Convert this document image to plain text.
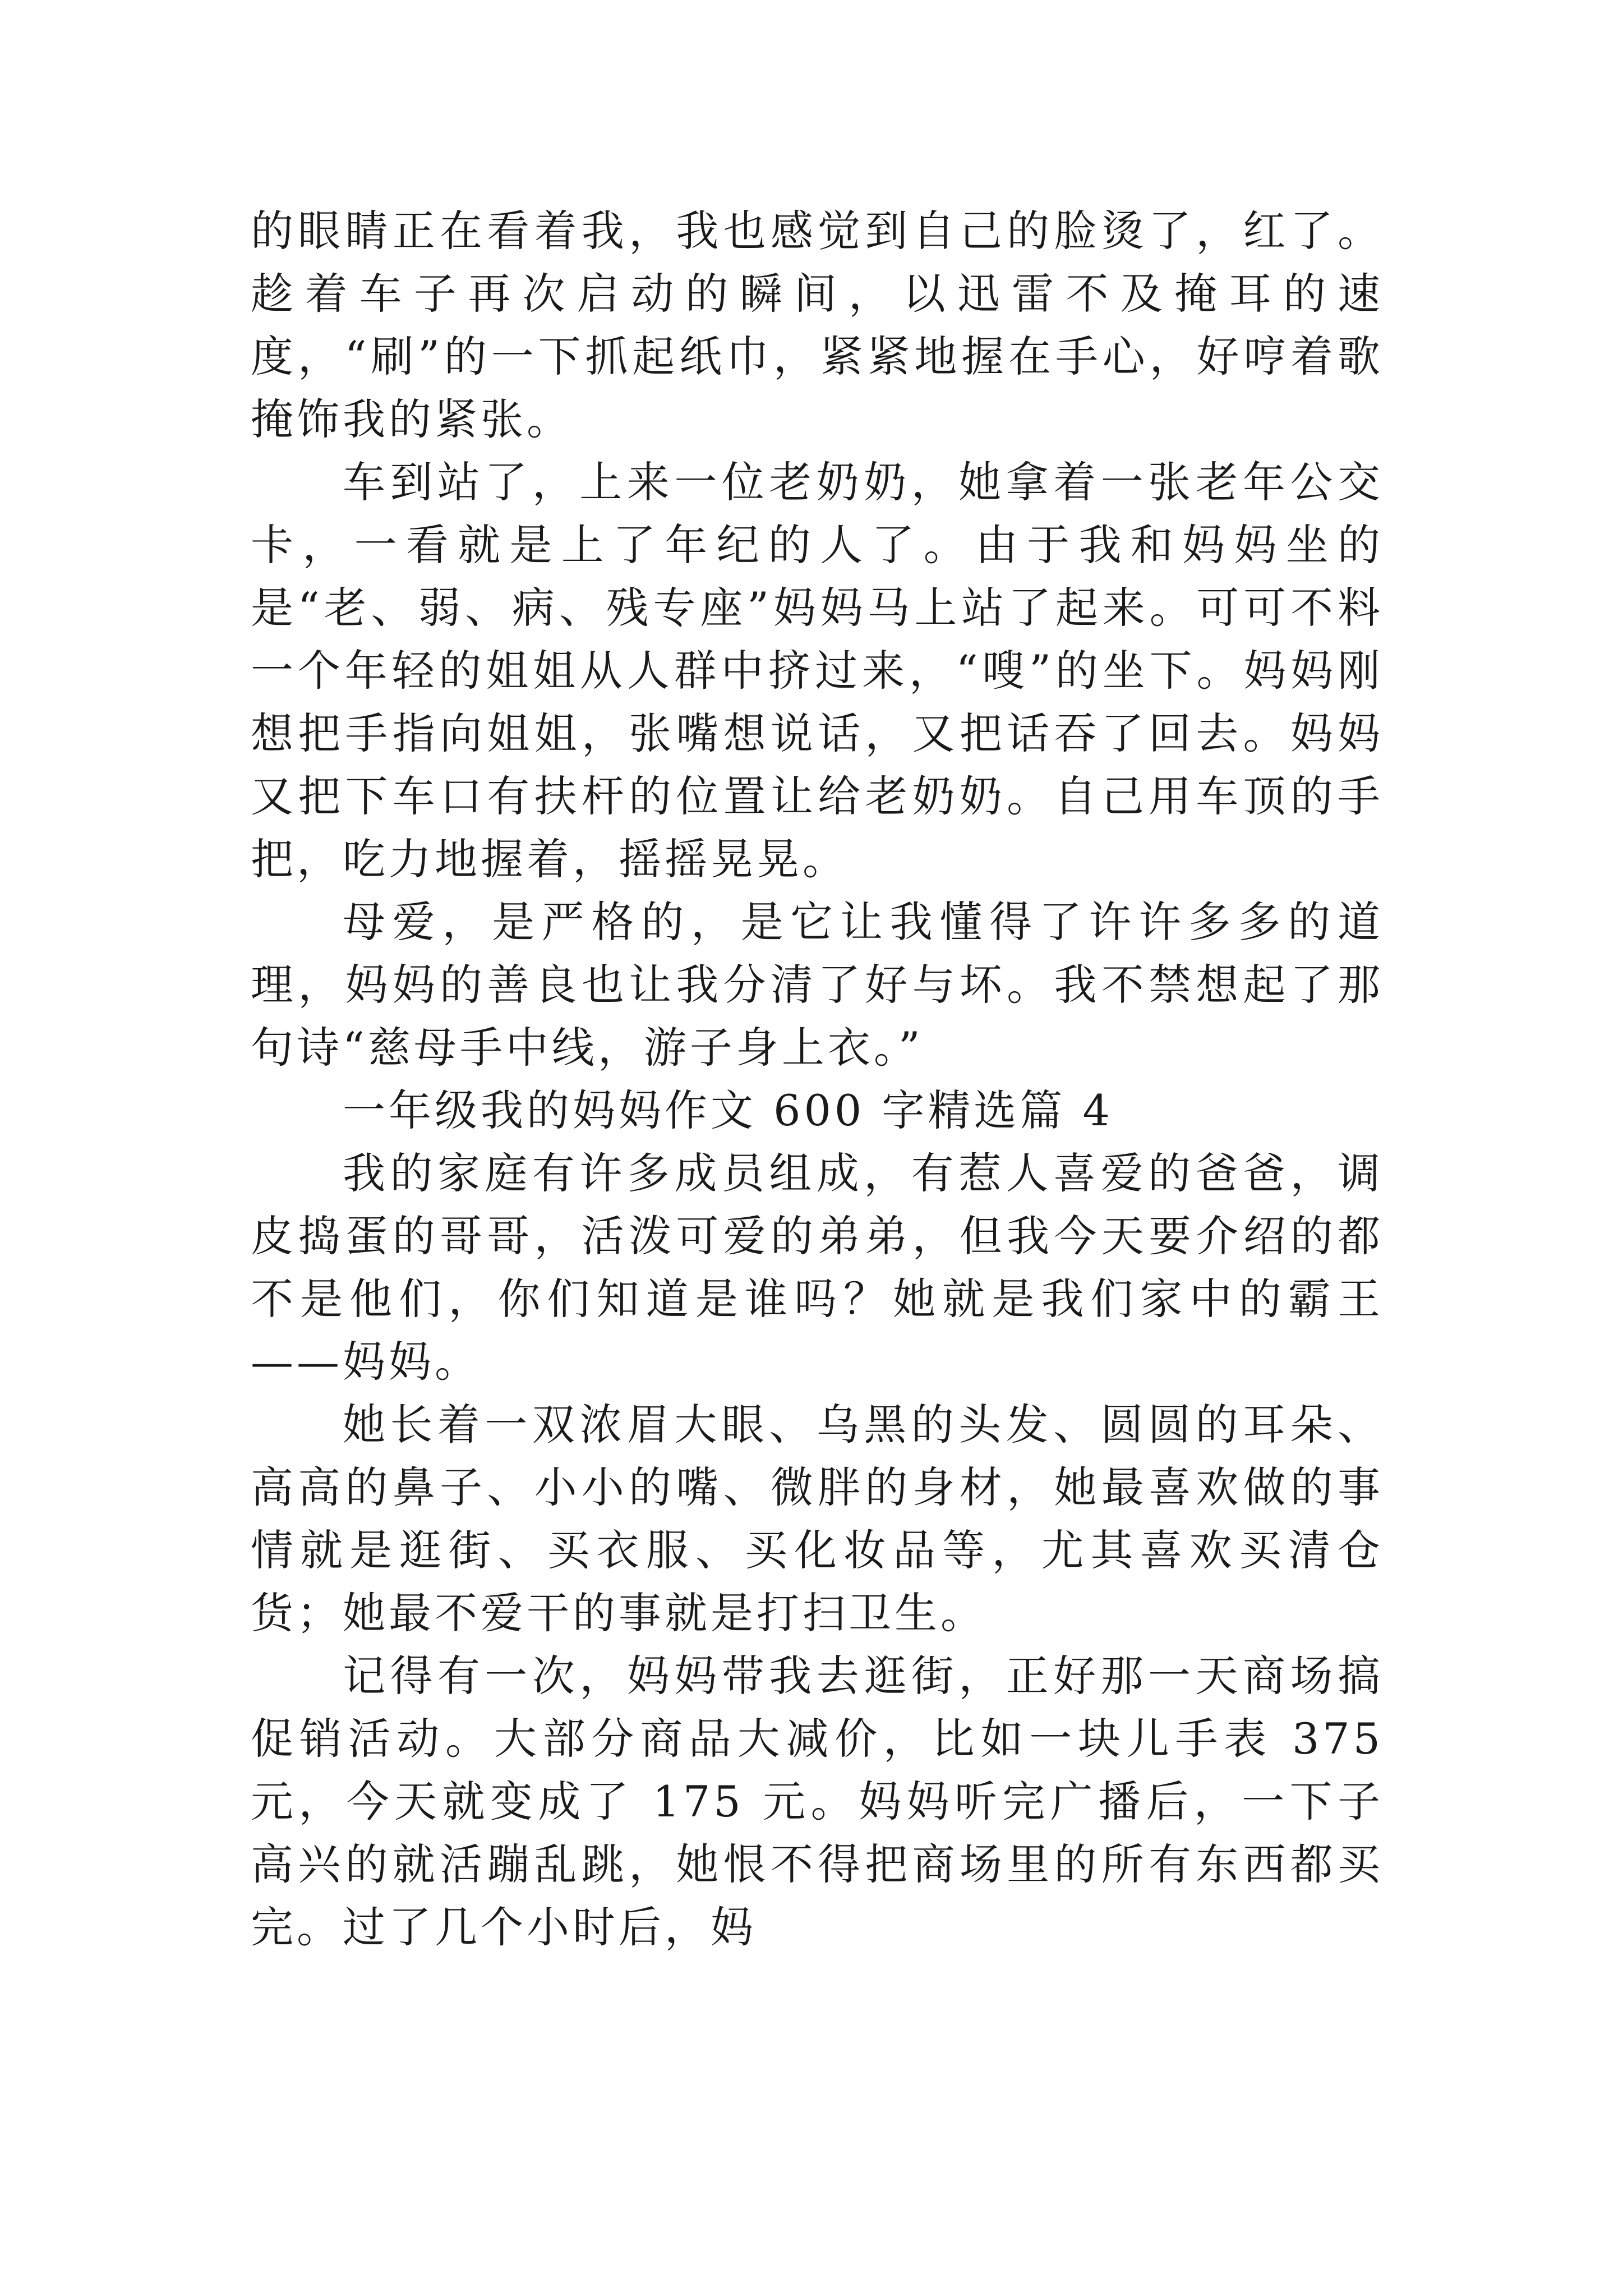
的眼睛正在看着我，我也感觉到自己的脸烫了，红了。趁着车子再次启动的瞬间，以迅雷不及掩耳的速度，“刷”的一下抓起纸巾，紧紧地握在手心，好哼着歌掩饰我的紧张。

车到站了，上来一位老奶奶，她拿着一张老年公交卡，一看就是上了年纪的人了。由于我和妈妈坐的是“老、弱、病、残专座”妈妈马上站了起来。可可不料一个年轻的姐姐从人群中挤过来，“嗖”的坐下。妈妈刚想把手指向姐姐，张嘴想说话，又把话吞了回去。妈妈又把下车口有扶杆的位置让给老奶奶。自己用车顶的手把，吃力地握着，摇摇晃晃。

母爱，是严格的，是它让我懂得了许许多多的道理，妈妈的善良也让我分清了好与坏。我不禁想起了那句诗“慈母手中线，游子身上衣。”

一年级我的妈妈作文 600 字精选篇 4

我的家庭有许多成员组成，有惹人喜爱的爸爸，调皮捣蛋的哥哥，活泼可爱的弟弟，但我今天要介绍的都不是他们，你们知道是谁吗？她就是我们家中的霸王——妈妈。

她长着一双浓眉大眼、乌黑的头发、圆圆的耳朵、高高的鼻子、小小的嘴、微胖的身材，她最喜欢做的事情就是逛街、买衣服、买化妆品等，尤其喜欢买清仓货；她最不爱干的事就是打扫卫生。

记得有一次，妈妈带我去逛街，正好那一天商场搞促销活动。大部分商品大减价，比如一块儿手表 375 元，今天就变成了 175 元。妈妈听完广播后，一下子高兴的就活蹦乱跳，她恨不得把商场里的所有东西都买完。过了几个小时后，妈
